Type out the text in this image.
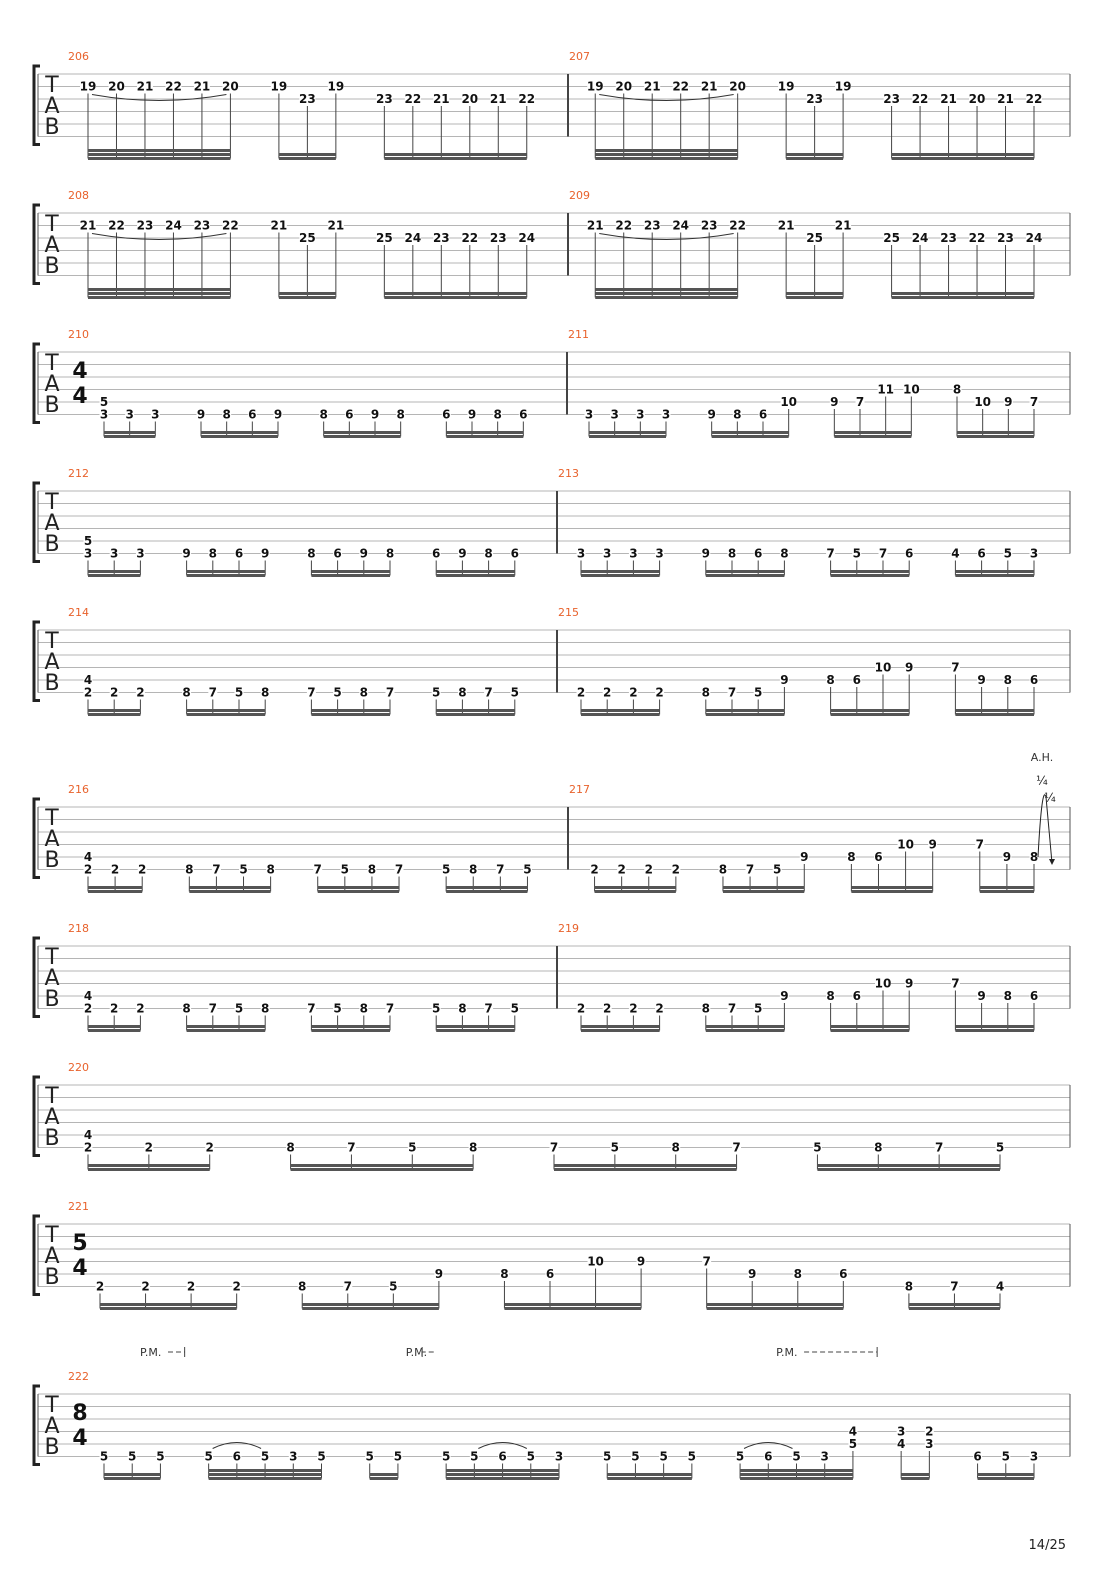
T
A
B
206
19 20 21 22 21 20	19
23
19
23 22 21 20 21 22
207
19 20 21 22 21 20	19
23
19
23 22 21 20 21 22
T
A
B
208
21 22 23 24 23 22	21
25
21
25 24 23 22 23 24
209
21 22 23 24 23 22	21
25
21
25 24 23 22 23 24
T
A
B
4
4
210
5
3 3 3	9 8 6 9	8 6 9 8	6 9 8 6
211
3 3 3 3	9 8 6
10	9 7
11 10	8
10 9 7
T
A
B
212
5
3 3 3	9 8 6 9	8 6 9 8	6 9 8 6
213
3 3 3 3	9 8 6 8	7 5 7 6	4 6 5 3
T
A
B
214
4
2 2 2	8 7 5 8	7 5 8 7	5 8 7 5
215
2 2 2 2	8 7 5
9	8 6
10 9	7
9 8 6
T
A
B
216
4
2 2 2	8 7 5 8	7 5 8 7	5 8 7 5
217
2 2 2 2	8 7 5
9	8 6
10 9	7
9 8
A.H.
¼
¼
T
A
B
218
4
2 2 2	8 7 5 8	7 5 8 7	5 8 7 5
219
2 2 2 2	8 7 5
9	8 6
10 9	7
9 8 6
T
A
B
220
4
2	2	2	8	7	5	8	7	5	8	7	5	8	7	5
T
A
B
5
4
221
2	2	2	2	8	7	5
9	8	6
10	9	7
9	8	6
8	7	4
T
A
B
8
4
222
5 5 5	5 6 5 3 5	5 5	5 5 6 5 3	5 5 5 5	5 6 5 3
4
5
3
4
2
3
6 5 3
P.M.	P.M.	P.M.
14/25
